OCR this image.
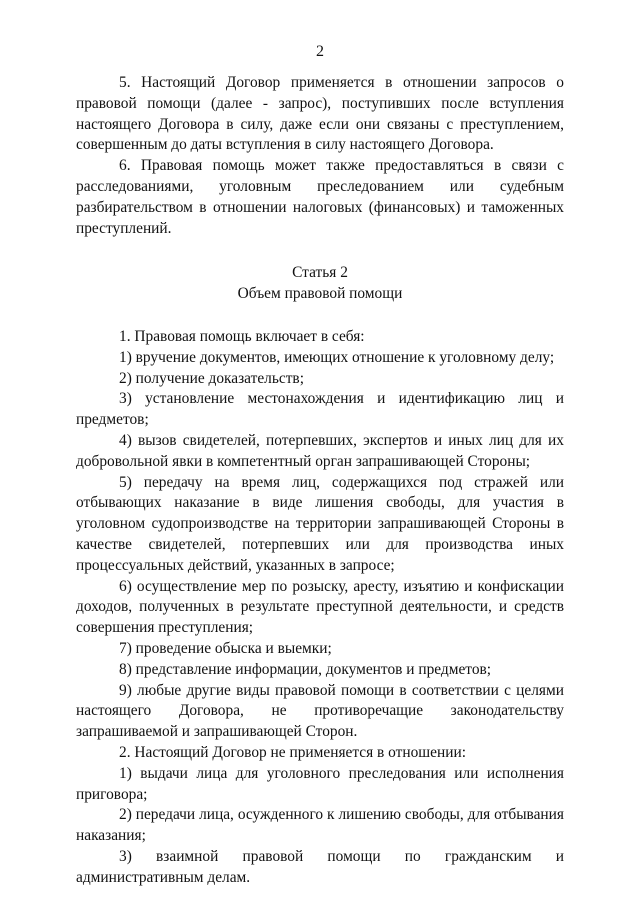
2

5. Настоящий Договор применяется в отношении запросов о правовой помощи (далее - запрос), поступивших после вступления настоящего Договора в силу, даже если они связаны с преступлением, совершенным до даты вступления в силу настоящего Договора.

6. Правовая помощь может также предоставляться в связи с расследованиями, уголовным преследованием или судебным разбирательством в отношении налоговых (финансовых) и таможенных преступлений.

Статья 2

Объем правовой помощи

1. Правовая помощь включает в себя:

1) вручение документов, имеющих отношение к уголовному делу;

2) получение доказательств;

3) установление местонахождения и идентификацию лиц и предметов;

4) вызов свидетелей, потерпевших, экспертов и иных лиц для их добровольной явки в компетентный орган запрашивающей Стороны;

5) передачу на время лиц, содержащихся под стражей или отбывающих наказание в виде лишения свободы, для участия в уголовном судопроизводстве на территории запрашивающей Стороны в качестве свидетелей, потерпевших или для производства иных процессуальных действий, указанных в запросе;

6) осуществление мер по розыску, аресту, изъятию и конфискации доходов, полученных в результате преступной деятельности, и средств совершения преступления;

7) проведение обыска и выемки;

8) представление информации, документов и предметов;

9) любые другие виды правовой помощи в соответствии с целями настоящего Договора, не противоречащие законодательству запрашиваемой и запрашивающей Сторон.

2. Настоящий Договор не применяется в отношении:

1) выдачи лица для уголовного преследования или исполнения приговора;

2) передачи лица, осужденного к лишению свободы, для отбывания наказания;

3) взаимной правовой помощи по гражданским и административным делам.
